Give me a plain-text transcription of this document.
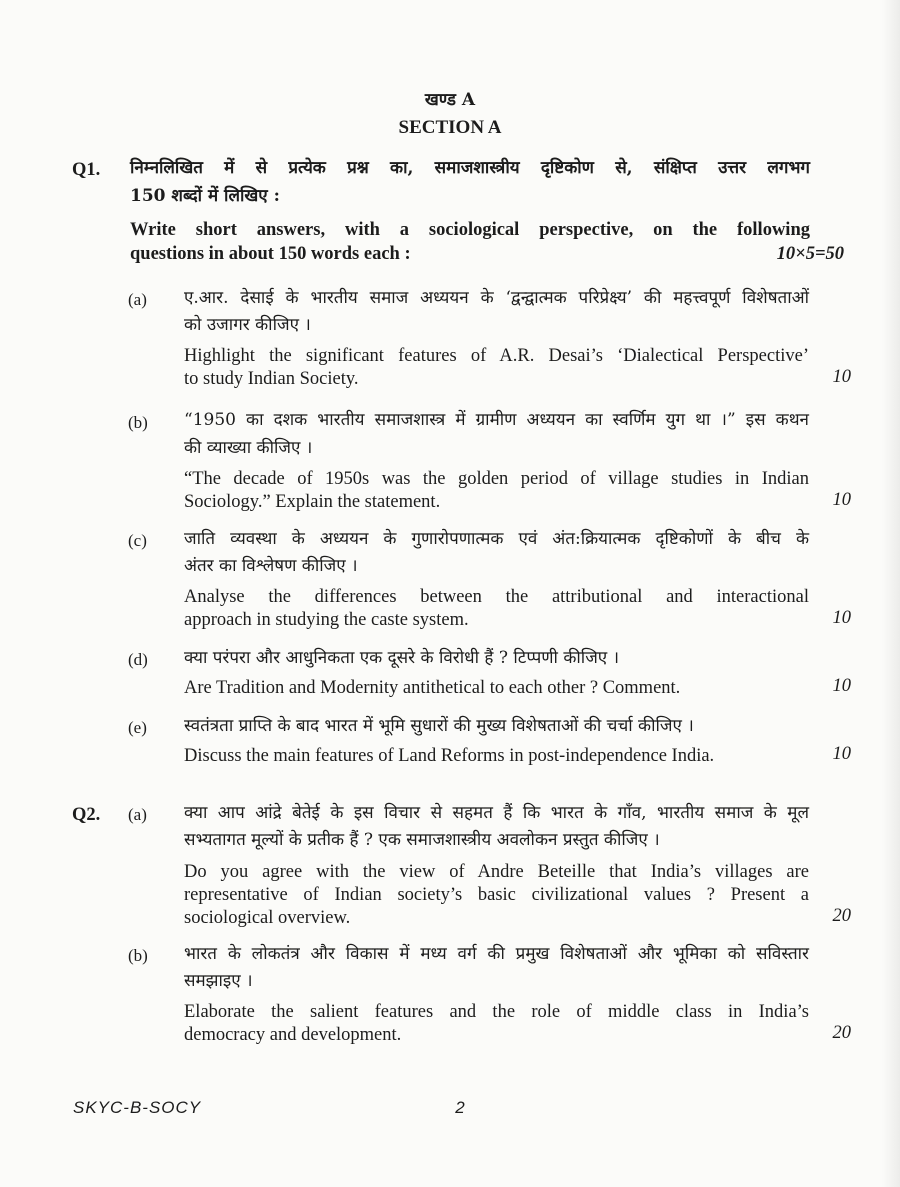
खण्ड A
SECTION A
Q1. निम्नलिखित में से प्रत्येक प्रश्न का, समाजशास्त्रीय दृष्टिकोण से, संक्षिप्त उत्तर लगभग
150 शब्दों में लिखिए :
Write short answers, with a sociological perspective, on the following
questions in about 150 words each :	10×5=50
(a) ए.आर. देसाई के भारतीय समाज अध्ययन के ‘द्वन्द्वात्मक परिप्रेक्ष्य’ की महत्त्वपूर्ण विशेषताओं
को उजागर कीजिए ।
Highlight the significant features of A.R. Desai’s ‘Dialectical Perspective’
to study Indian Society.	10
(b) “1950 का दशक भारतीय समाजशास्त्र में ग्रामीण अध्ययन का स्वर्णिम युग था ।” इस कथन
की व्याख्या कीजिए ।
“The decade of 1950s was the golden period of village studies in Indian
Sociology.” Explain the statement.	10
(c) जाति व्यवस्था के अध्ययन के गुणारोपणात्मक एवं अंत:क्रियात्मक दृष्टिकोणों के बीच के
अंतर का विश्लेषण कीजिए ।
Analyse the differences between the attributional and interactional
approach in studying the caste system.	10
(d) क्या परंपरा और आधुनिकता एक दूसरे के विरोधी हैं ? टिप्पणी कीजिए ।
Are Tradition and Modernity antithetical to each other ? Comment.	10
(e) स्वतंत्रता प्राप्ति के बाद भारत में भूमि सुधारों की मुख्य विशेषताओं की चर्चा कीजिए ।
Discuss the main features of Land Reforms in post-independence India.	10
Q2. (a) क्या आप आंद्रे बेतेई के इस विचार से सहमत हैं कि भारत के गाँव, भारतीय समाज के मूल
सभ्यतागत मूल्यों के प्रतीक हैं ? एक समाजशास्त्रीय अवलोकन प्रस्तुत कीजिए ।
Do you agree with the view of Andre Beteille that India’s villages are
representative of Indian society’s basic civilizational values ? Present a
sociological overview.	20
(b) भारत के लोकतंत्र और विकास में मध्य वर्ग की प्रमुख विशेषताओं और भूमिका को सविस्तार
समझाइए ।
Elaborate the salient features and the role of middle class in India’s
democracy and development.	20
SKYC-B-SOCY	2
